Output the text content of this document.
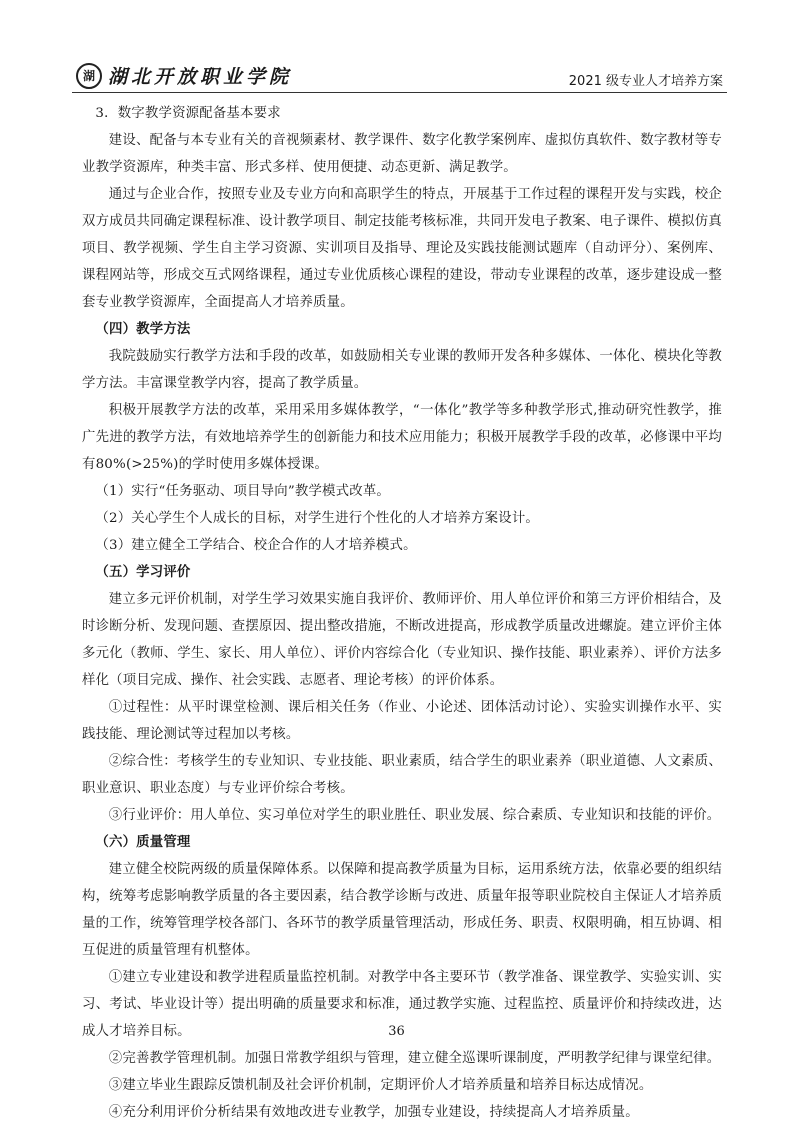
湖 湖北开放职业学院	2021 级专业人才培养方案

3．数字教学资源配备基本要求

建设、配备与本专业有关的音视频素材、教学课件、数字化教学案例库、虚拟仿真软件、数字教材等专业教学资源库，种类丰富、形式多样、使用便捷、动态更新、满足教学。

通过与企业合作，按照专业及专业方向和高职学生的特点，开展基于工作过程的课程开发与实践，校企双方成员共同确定课程标准、设计教学项目、制定技能考核标准，共同开发电子教案、电子课件、模拟仿真项目、教学视频、学生自主学习资源、实训项目及指导、理论及实践技能测试题库（自动评分）、案例库、课程网站等，形成交互式网络课程，通过专业优质核心课程的建设，带动专业课程的改革，逐步建设成一整套专业教学资源库，全面提高人才培养质量。

（四）教学方法

我院鼓励实行教学方法和手段的改革，如鼓励相关专业课的教师开发各种多媒体、一体化、模块化等教学方法。丰富课堂教学内容，提高了教学质量。

积极开展教学方法的改革，采用采用多媒体教学，“一体化”教学等多种教学形式,推动研究性教学，推广先进的教学方法，有效地培养学生的创新能力和技术应用能力；积极开展教学手段的改革，必修课中平均有80%(>25%)的学时使用多媒体授课。

（1）实行“任务驱动、项目导向”教学模式改革。

（2）关心学生个人成长的目标，对学生进行个性化的人才培养方案设计。

（3）建立健全工学结合、校企合作的人才培养模式。

（五）学习评价

建立多元评价机制，对学生学习效果实施自我评价、教师评价、用人单位评价和第三方评价相结合，及时诊断分析、发现问题、查摆原因、提出整改措施，不断改进提高，形成教学质量改进螺旋。建立评价主体多元化（教师、学生、家长、用人单位）、评价内容综合化（专业知识、操作技能、职业素养）、评价方法多样化（项目完成、操作、社会实践、志愿者、理论考核）的评价体系。

①过程性：从平时课堂检测、课后相关任务（作业、小论述、团体活动讨论）、实验实训操作水平、实践技能、理论测试等过程加以考核。

②综合性：考核学生的专业知识、专业技能、职业素质，结合学生的职业素养（职业道德、人文素质、职业意识、职业态度）与专业评价综合考核。

③行业评价：用人单位、实习单位对学生的职业胜任、职业发展、综合素质、专业知识和技能的评价。

（六）质量管理

建立健全校院两级的质量保障体系。以保障和提高教学质量为目标，运用系统方法，依靠必要的组织结构，统筹考虑影响教学质量的各主要因素，结合教学诊断与改进、质量年报等职业院校自主保证人才培养质量的工作，统筹管理学校各部门、各环节的教学质量管理活动，形成任务、职责、权限明确，相互协调、相互促进的质量管理有机整体。

①建立专业建设和教学进程质量监控机制。对教学中各主要环节（教学准备、课堂教学、实验实训、实习、考试、毕业设计等）提出明确的质量要求和标准，通过教学实施、过程监控、质量评价和持续改进，达成人才培养目标。

②完善教学管理机制。加强日常教学组织与管理，建立健全巡课听课制度，严明教学纪律与课堂纪律。

③建立毕业生跟踪反馈机制及社会评价机制，定期评价人才培养质量和培养目标达成情况。

④充分利用评价分析结果有效地改进专业教学，加强专业建设，持续提高人才培养质量。

36
